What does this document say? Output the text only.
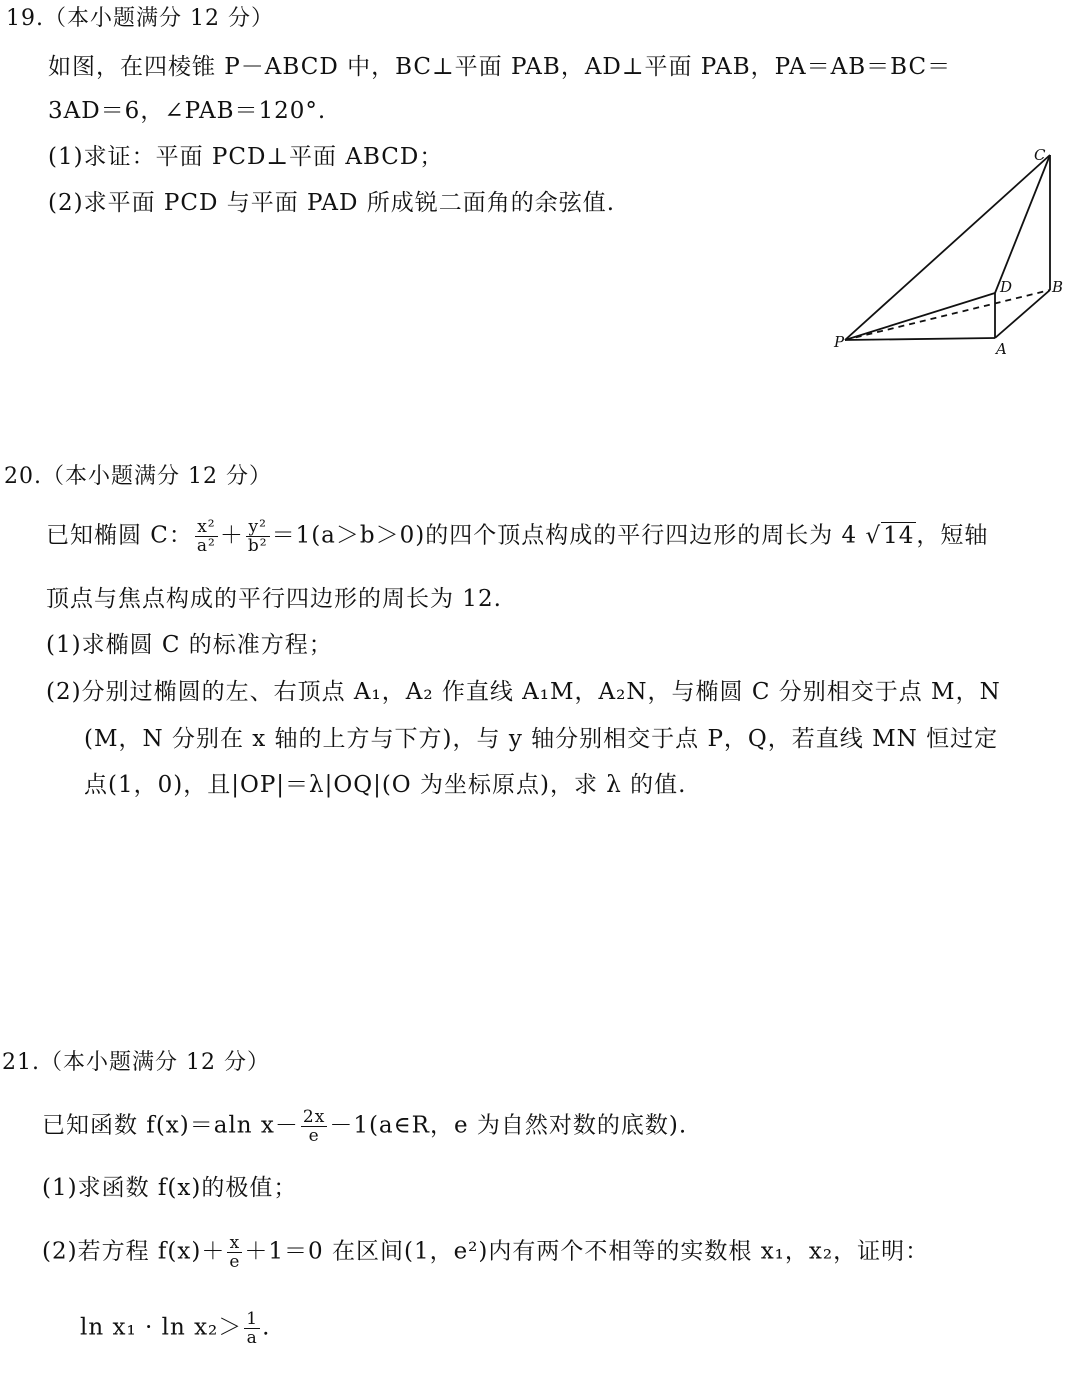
19.（本小题满分 12 分）
如图，在四棱锥 P－ABCD 中，BC⊥平面 PAB，AD⊥平面 PAB，PA＝AB＝BC＝
3AD＝6，∠PAB＝120°.
(1)求证：平面 PCD⊥平面 ABCD；
(2)求平面 PCD 与平面 PAD 所成锐二面角的余弦值.
C
D	B
P	A
20.（本小题满分 12 分）
已知椭圆 C： $\frac{\text{x²}}{\text{a²}} + \frac{\text{y²}}{\text{b²}} =1(a>b>0)$的四个顶点构成的平行四边形的周长为 4 √14，短轴
顶点与焦点构成的平行四边形的周长为 12.
(1)求椭圆 C 的标准方程；
(2)分别过椭圆的左、右顶点 A₁，A₂ 作直线 A₁M，A₂N，与椭圆 C 分别相交于点 M，N
(M，N 分别在 x 轴的上方与下方)，与 y 轴分别相交于点 P，Q，若直线 MN 恒过定
点(1，0)，且|OP|＝λ|OQ|(O 为坐标原点)，求 λ 的值.
21.（本小题满分 12 分）
已知函数 f(x)＝aln $x- \frac{2x}{e}$ －1(a∈R，e 为自然对数的底数).
(1)求函数 f(x)的极值；
(2)若方程 $f(x)+ \frac{x}{e} +1=0$ 在区间(1，e²)内有两个不相等的实数根 x₁，x₂，证明：
$\ln x_1 \cdot \ln x_2> \frac{1}{a}$ .
